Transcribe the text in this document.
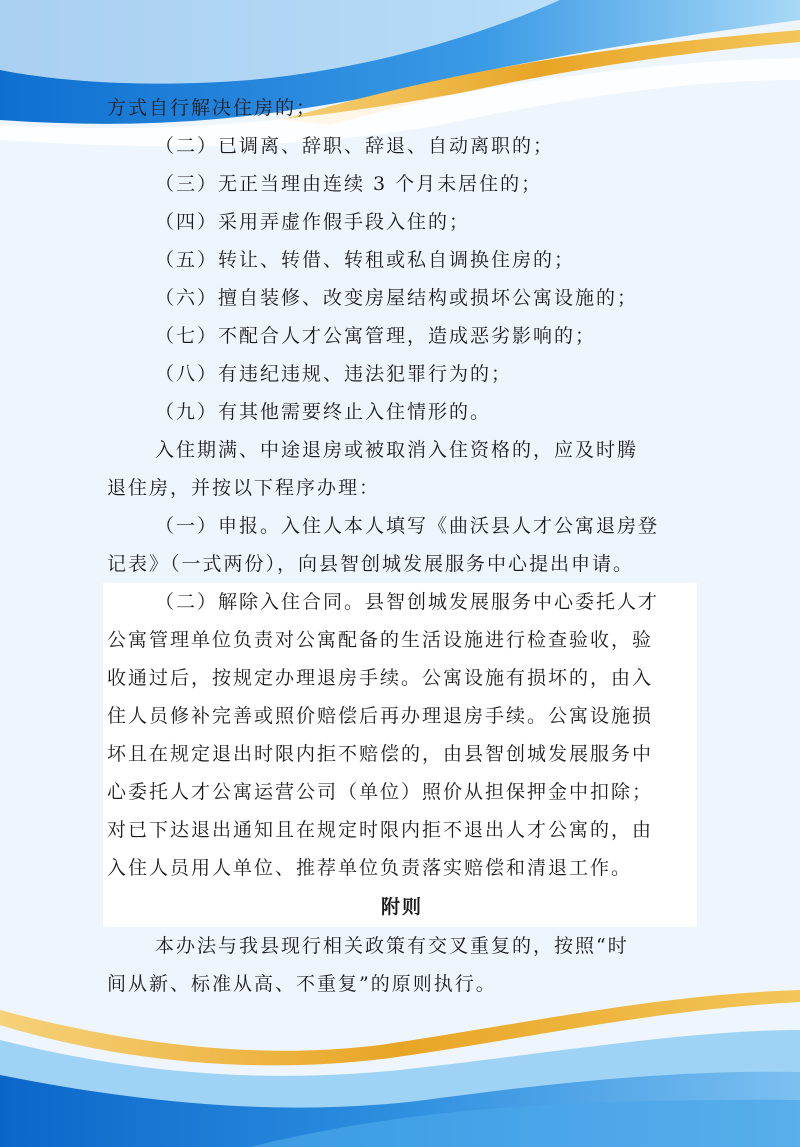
方式自行解决住房的；
（二）已调离、辞职、辞退、自动离职的；
（三）无正当理由连续 3 个月未居住的；
（四）采用弄虚作假手段入住的；
（五）转让、转借、转租或私自调换住房的；
（六）擅自装修、改变房屋结构或损坏公寓设施的；
（七）不配合人才公寓管理，造成恶劣影响的；
（八）有违纪违规、违法犯罪行为的；
（九）有其他需要终止入住情形的。
入住期满、中途退房或被取消入住资格的，应及时腾
退住房，并按以下程序办理：
（一）申报。入住人本人填写《曲沃县人才公寓退房登
记表》（一式两份），向县智创城发展服务中心提出申请。
（二）解除入住合同。县智创城发展服务中心委托人才
公寓管理单位负责对公寓配备的生活设施进行检查验收，验
收通过后，按规定办理退房手续。公寓设施有损坏的，由入
住人员修补完善或照价赔偿后再办理退房手续。公寓设施损
坏且在规定退出时限内拒不赔偿的，由县智创城发展服务中
心委托人才公寓运营公司（单位）照价从担保押金中扣除；
对已下达退出通知且在规定时限内拒不退出人才公寓的，由
入住人员用人单位、推荐单位负责落实赔偿和清退工作。
附则
本办法与我县现行相关政策有交叉重复的，按照“时
间从新、标准从高、不重复”的原则执行。
